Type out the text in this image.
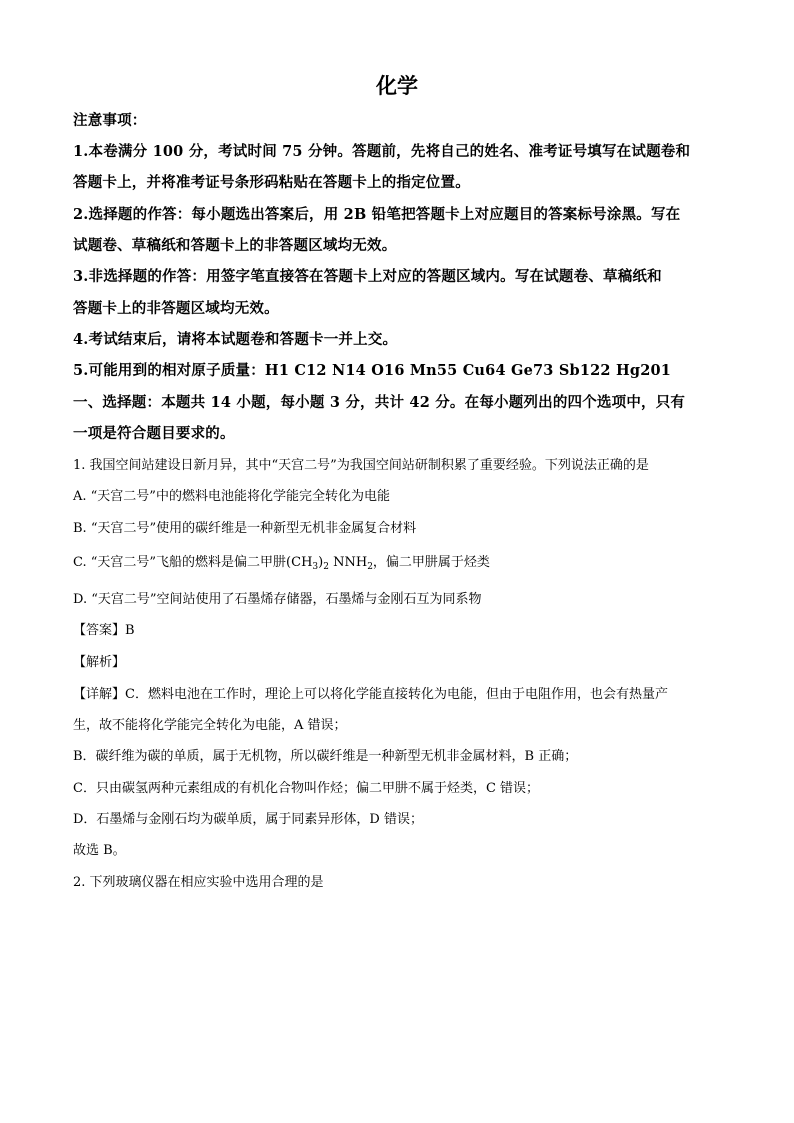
化学
注意事项：
1.本卷满分 100 分，考试时间 75 分钟。答题前，先将自己的姓名、准考证号填写在试题卷和
答题卡上，并将准考证号条形码粘贴在答题卡上的指定位置。
2.选择题的作答：每小题选出答案后，用 2B 铅笔把答题卡上对应题目的答案标号涂黑。写在
试题卷、草稿纸和答题卡上的非答题区域均无效。
3.非选择题的作答：用签字笔直接答在答题卡上对应的答题区域内。写在试题卷、草稿纸和
答题卡上的非答题区域均无效。
4.考试结束后，请将本试题卷和答题卡一并上交。
5.可能用到的相对原子质量：H1 C12 N14 O16 Mn55 Cu64 Ge73 Sb122 Hg201
一、选择题：本题共 14 小题，每小题 3 分，共计 42 分。在每小题列出的四个选项中，只有
一项是符合题目要求的。
1. 我国空间站建设日新月异，其中“天宫二号”为我国空间站研制积累了重要经验。下列说法正确的是
A. “天宫二号”中的燃料电池能将化学能完全转化为电能
B. “天宫二号”使用的碳纤维是一种新型无机非金属复合材料
C. “天宫二号”飞船的燃料是偏二甲肼$(CH_3)_2$ $NNH_2$，偏二甲肼属于烃类
D. “天宫二号”空间站使用了石墨烯存储器，石墨烯与金刚石互为同系物
【答案】B
【解析】
【详解】C．燃料电池在工作时，理论上可以将化学能直接转化为电能，但由于电阻作用，也会有热量产
生，故不能将化学能完全转化为电能，A 错误；
B．碳纤维为碳的单质，属于无机物，所以碳纤维是一种新型无机非金属材料，B 正确；
C．只由碳氢两种元素组成的有机化合物叫作烃；偏二甲肼不属于烃类，C 错误；
D．石墨烯与金刚石均为碳单质，属于同素异形体，D 错误；
故选 B。
2. 下列玻璃仪器在相应实验中选用合理的是
